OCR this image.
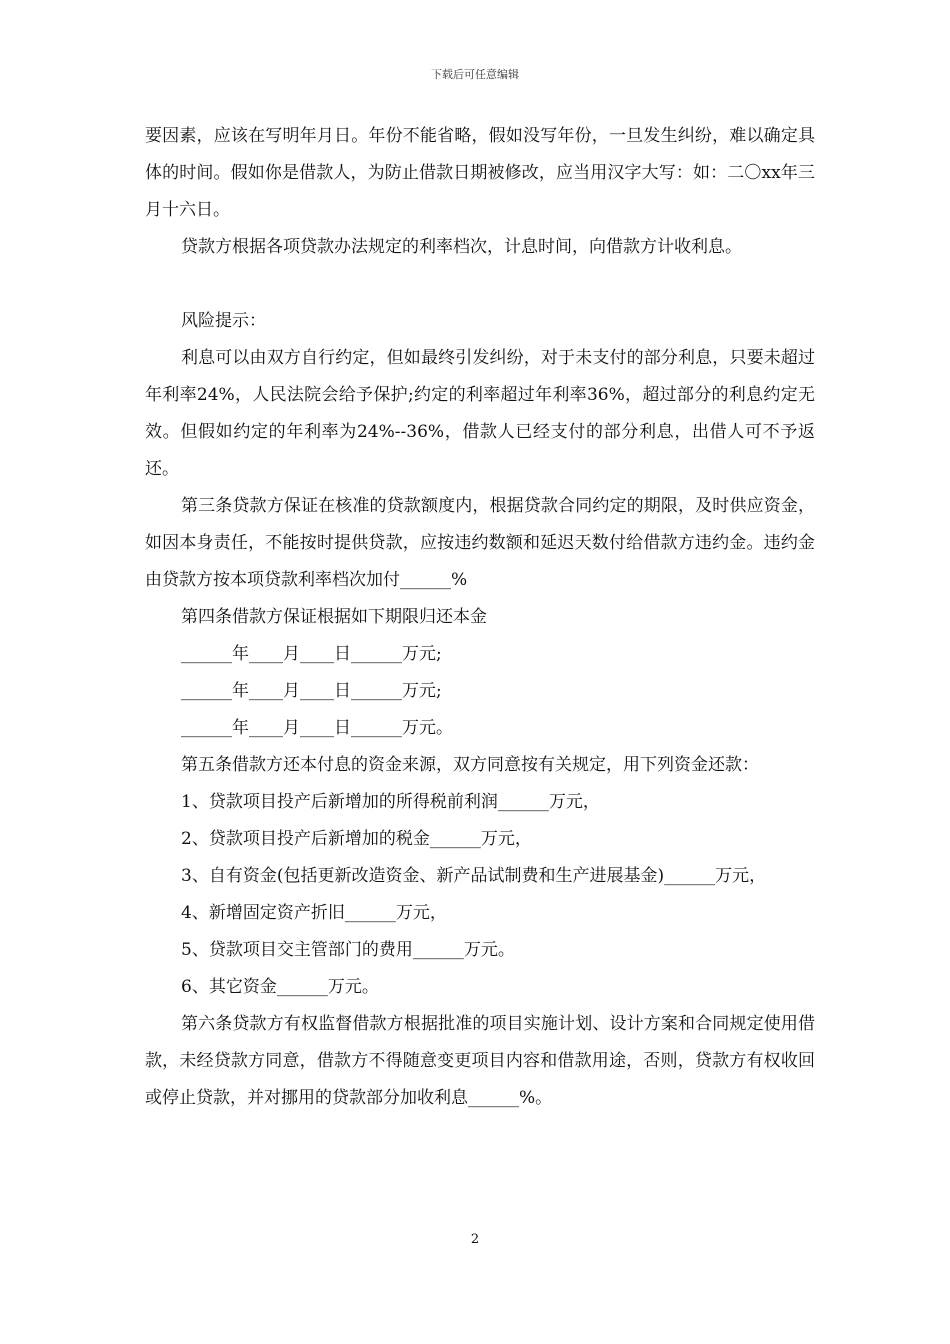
下载后可任意编辑

要因素，应该在写明年月日。年份不能省略，假如没写年份，一旦发生纠纷，难以确定具体的时间。假如你是借款人，为防止借款日期被修改，应当用汉字大写：如：二〇xx年三月十六日。

贷款方根据各项贷款办法规定的利率档次，计息时间，向借款方计收利息。

风险提示：

利息可以由双方自行约定，但如最终引发纠纷，对于未支付的部分利息，只要未超过年利率24%，人民法院会给予保护;约定的利率超过年利率36%，超过部分的利息约定无效。但假如约定的年利率为24%--36%，借款人已经支付的部分利息，出借人可不予返还。

第三条贷款方保证在核准的贷款额度内，根据贷款合同约定的期限，及时供应资金，如因本身责任，不能按时提供贷款，应按违约数额和延迟天数付给借款方违约金。违约金由贷款方按本项贷款利率档次加付______%

第四条借款方保证根据如下期限归还本金

______年____月____日______万元;

______年____月____日______万元;

______年____月____日______万元。

第五条借款方还本付息的资金来源，双方同意按有关规定，用下列资金还款：

1、贷款项目投产后新增加的所得税前利润______万元，

2、贷款项目投产后新增加的税金______万元，

3、自有资金(包括更新改造资金、新产品试制费和生产进展基金)______万元，

4、新增固定资产折旧______万元，

5、贷款项目交主管部门的费用______万元。

6、其它资金______万元。

第六条贷款方有权监督借款方根据批准的项目实施计划、设计方案和合同规定使用借款，未经贷款方同意，借款方不得随意变更项目内容和借款用途，否则，贷款方有权收回或停止贷款，并对挪用的贷款部分加收利息______%。

2
